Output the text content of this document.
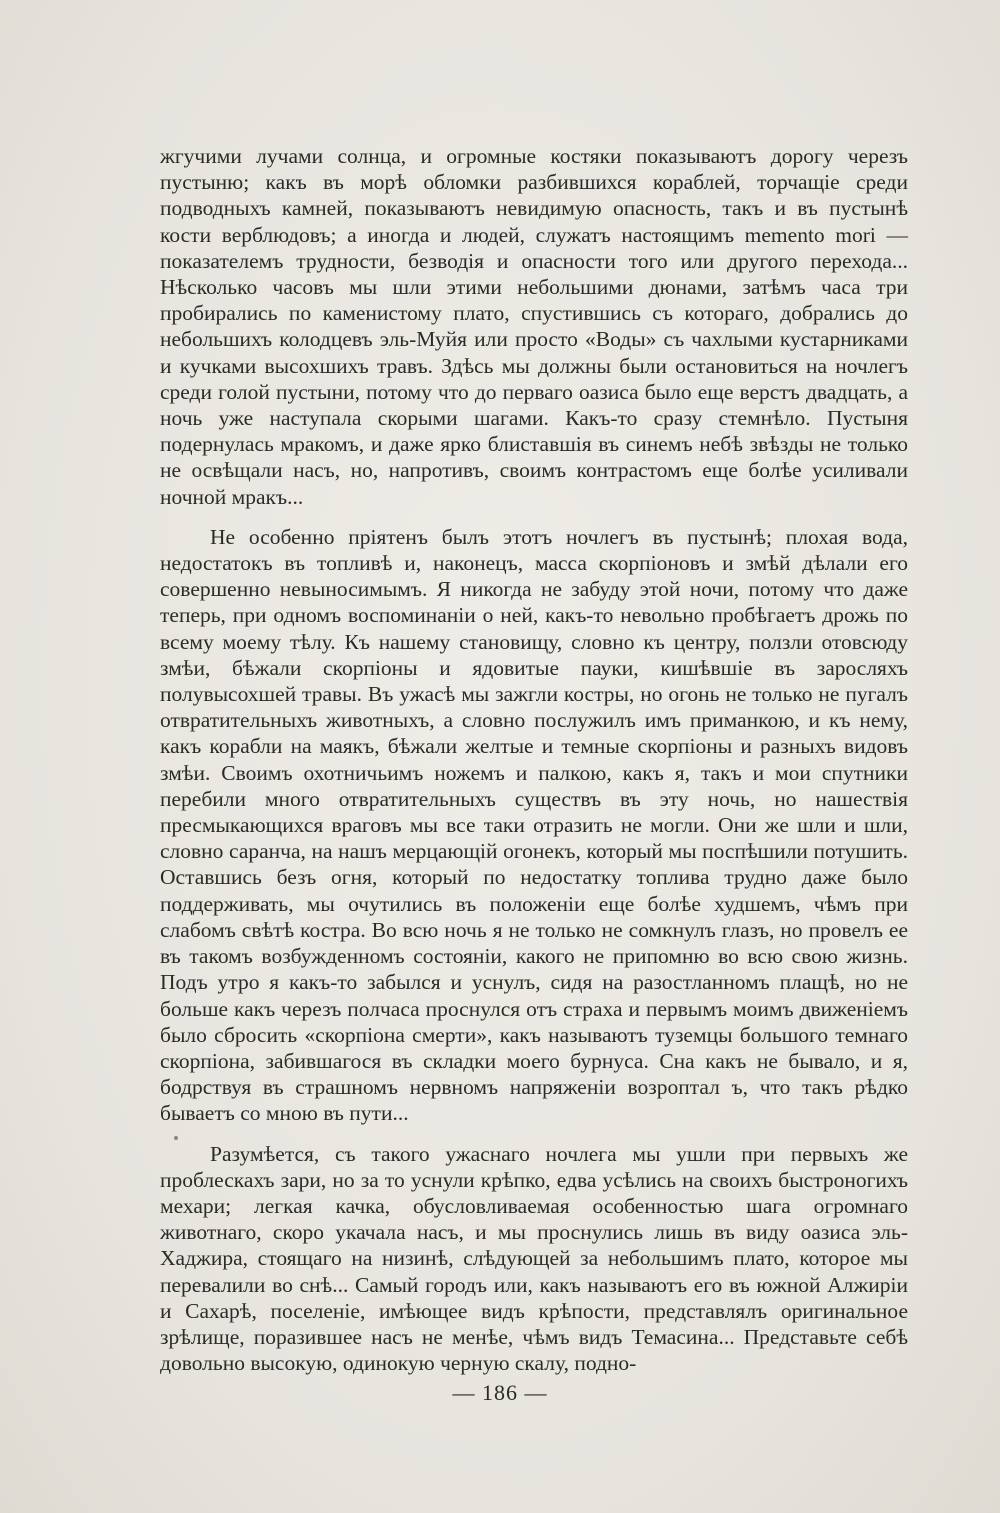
жгучими лучами солнца, и огромные костяки показываютъ дорогу черезъ пустыню; какъ въ морѣ обломки разбившихся кораблей, торчащіе среди подводныхъ камней, показываютъ невидимую опасность, такъ и въ пустынѣ кости верблюдовъ; а иногда и людей, служатъ настоящимъ memento mori — показателемъ трудности, безводія и опасности того или другого перехода... Нѣсколько часовъ мы шли этими небольшими дюнами, затѣмъ часа три пробирались по каменистому плато, спустившись съ котораго, добрались до небольшихъ колодцевъ эль-Муйя или просто «Воды» съ чахлыми кустарниками и кучками высохшихъ травъ. Здѣсь мы должны были остановиться на ночлегъ среди голой пустыни, потому что до перваго оазиса было еще верстъ двадцать, а ночь уже наступала скорыми шагами. Какъ-то сразу стемнѣло. Пустыня подернулась мракомъ, и даже ярко блиставшія въ синемъ небѣ звѣзды не только не освѣщали насъ, но, напротивъ, своимъ контрастомъ еще болѣе усиливали ночной мракъ...

Не особенно пріятенъ былъ этотъ ночлегъ въ пустынѣ; плохая вода, недостатокъ въ топливѣ и, наконецъ, масса скорпіоновъ и змѣй дѣлали его совершенно невыносимымъ. Я никогда не забуду этой ночи, потому что даже теперь, при одномъ воспоминаніи о ней, какъ-то невольно пробѣгаетъ дрожь по всему моему тѣлу. Къ нашему становищу, словно къ центру, ползли отовсюду змѣи, бѣжали скорпіоны и ядовитые пауки, кишѣвшіе въ заросляхъ полувысохшей травы. Въ ужасѣ мы зажгли костры, но огонь не только не пугалъ отвратительныхъ животныхъ, а словно послужилъ имъ приманкою, и къ нему, какъ корабли на маякъ, бѣжали желтые и темные скорпіоны и разныхъ видовъ змѣи. Своимъ охотничьимъ ножемъ и палкою, какъ я, такъ и мои спутники перебили много отвратительныхъ существъ въ эту ночь, но нашествія пресмыкающихся враговъ мы все таки отразить не могли. Они же шли и шли, словно саранча, на нашъ мерцающій огонекъ, который мы поспѣшили потушить. Оставшись безъ огня, который по недостатку топлива трудно даже было поддерживать, мы очутились въ положеніи еще болѣе худшемъ, чѣмъ при слабомъ свѣтѣ костра. Во всю ночь я не только не сомкнулъ глазъ, но провелъ ее въ такомъ возбужденномъ состояніи, какого не припомню во всю свою жизнь. Подъ утро я какъ-то забылся и уснулъ, сидя на разостланномъ плащѣ, но не больше какъ черезъ полчаса проснулся отъ страха и первымъ моимъ движеніемъ было сбросить «скорпіона смерти», какъ называютъ туземцы большого темнаго скорпіона, забившагося въ складки моего бурнуса. Сна какъ не бывало, и я, бодрствуя въ страшномъ нервномъ напряженіи возроптал ъ, что такъ рѣдко бываетъ со мною въ пути...

Разумѣется, съ такого ужаснаго ночлега мы ушли при первыхъ же проблескахъ зари, но за то уснули крѣпко, едва усѣлись на своихъ быстроногихъ мехари; легкая качка, обусловливаемая особенностью шага огромнаго животнаго, скоро укачала насъ, и мы проснулись лишь въ виду оазиса эль-Хаджира, стоящаго на низинѣ, слѣдующей за небольшимъ плато, которое мы перевалили во снѣ... Самый городъ или, какъ называютъ его въ южной Алжиріи и Сахарѣ, поселеніе, имѣющее видъ крѣпости, представлялъ оригинальное зрѣлище, поразившее насъ не менѣе, чѣмъ видъ Темасина... Представьте себѣ довольно высокую, одинокую черную скалу, подно-

— 186 —
